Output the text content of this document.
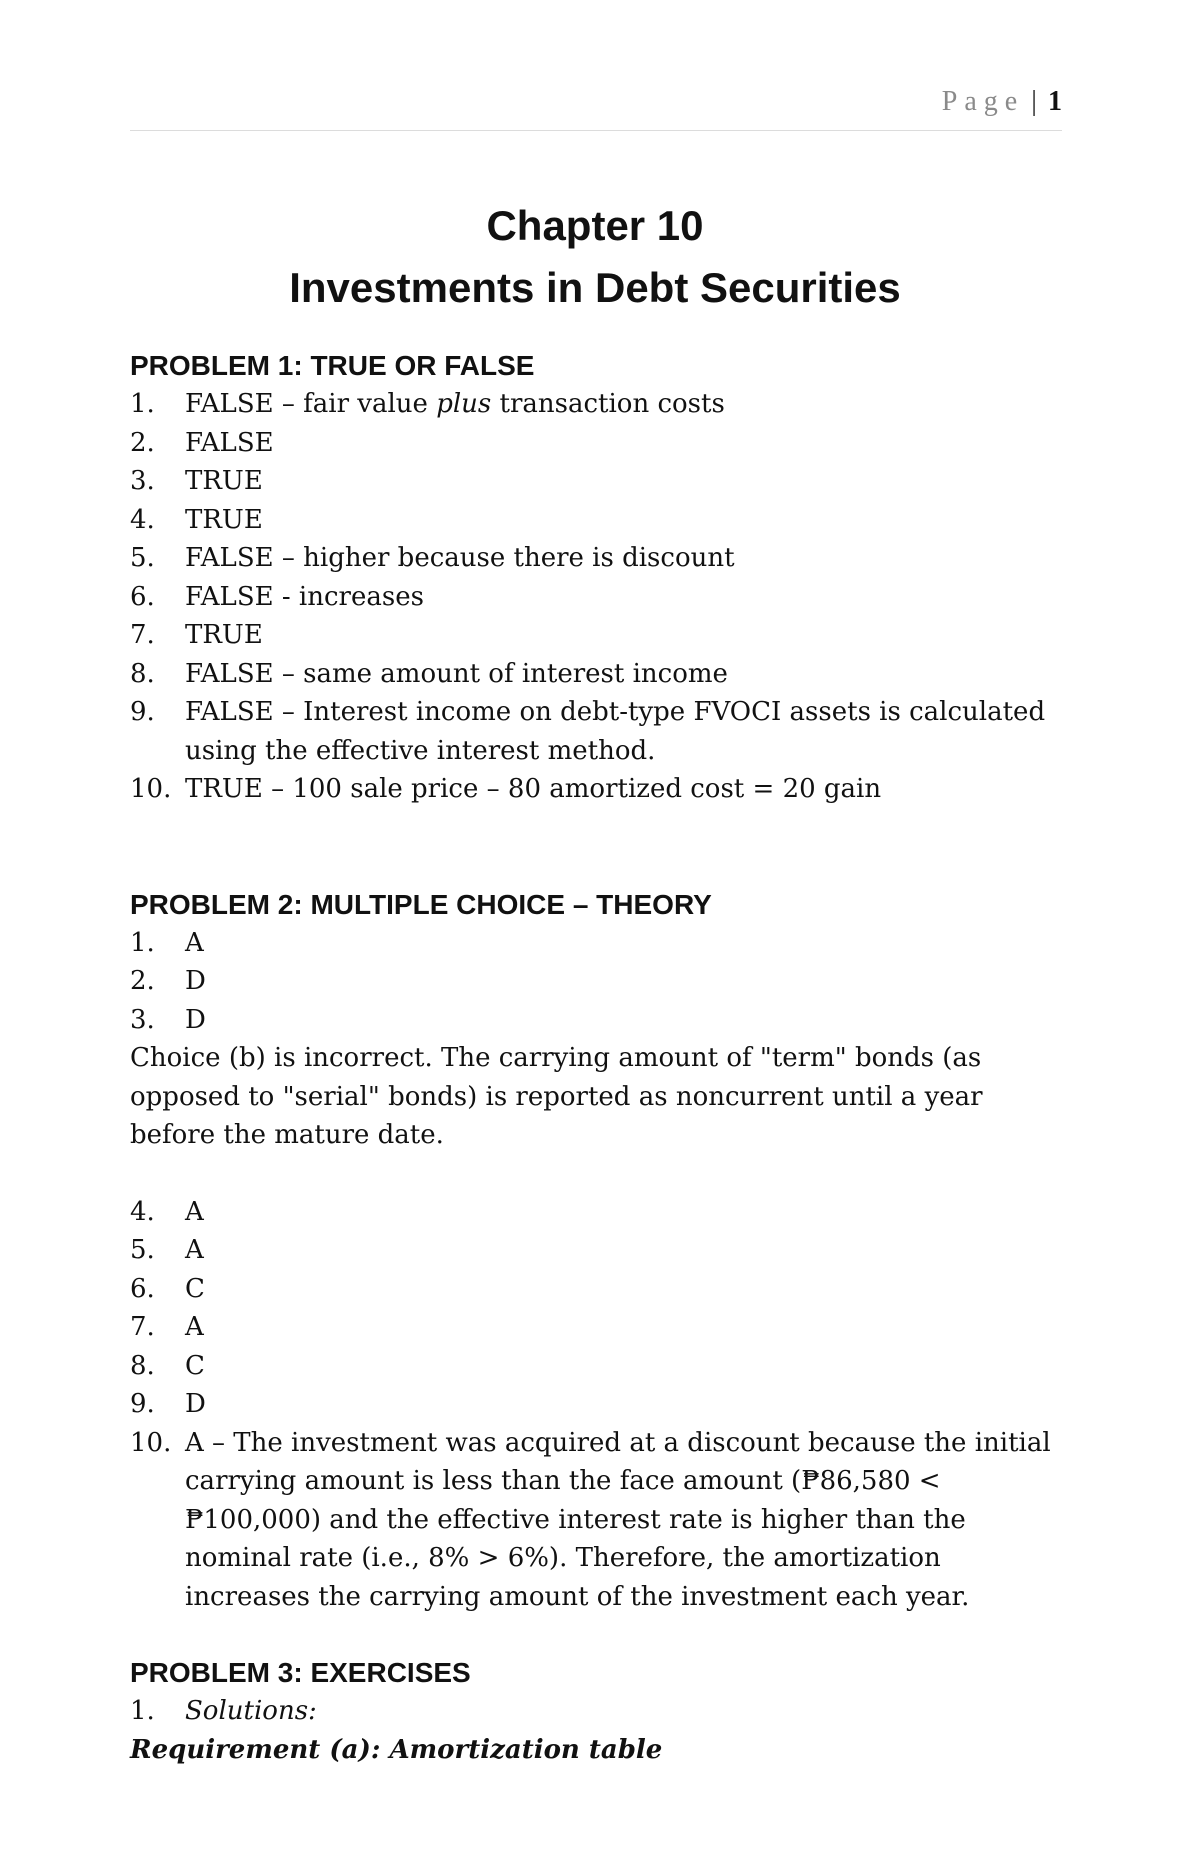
Page | 1
Chapter 10
Investments in Debt Securities
PROBLEM 1: TRUE OR FALSE
1.	FALSE – fair value plus transaction costs
2.	FALSE
3.	TRUE
4.	TRUE
5.	FALSE – higher because there is discount
6.	FALSE - increases
7.	TRUE
8.	FALSE – same amount of interest income
9.	FALSE – Interest income on debt-type FVOCI assets is calculated using the effective interest method.
10. TRUE – 100 sale price – 80 amortized cost = 20 gain
PROBLEM 2: MULTIPLE CHOICE – THEORY
1.	A
2.	D
3.	D

Choice (b) is incorrect. The carrying amount of "term" bonds (as opposed to "serial" bonds) is reported as noncurrent until a year before the mature date.

4.	A
5.	A
6.	C
7.	A
8.	C
9.	D
10. A – The investment was acquired at a discount because the initial carrying amount is less than the face amount (₱86,580 < ₱100,000) and the effective interest rate is higher than the nominal rate (i.e., 8% > 6%). Therefore, the amortization increases the carrying amount of the investment each year.
PROBLEM 3: EXERCISES
1.	Solutions:

Requirement (a): Amortization table
